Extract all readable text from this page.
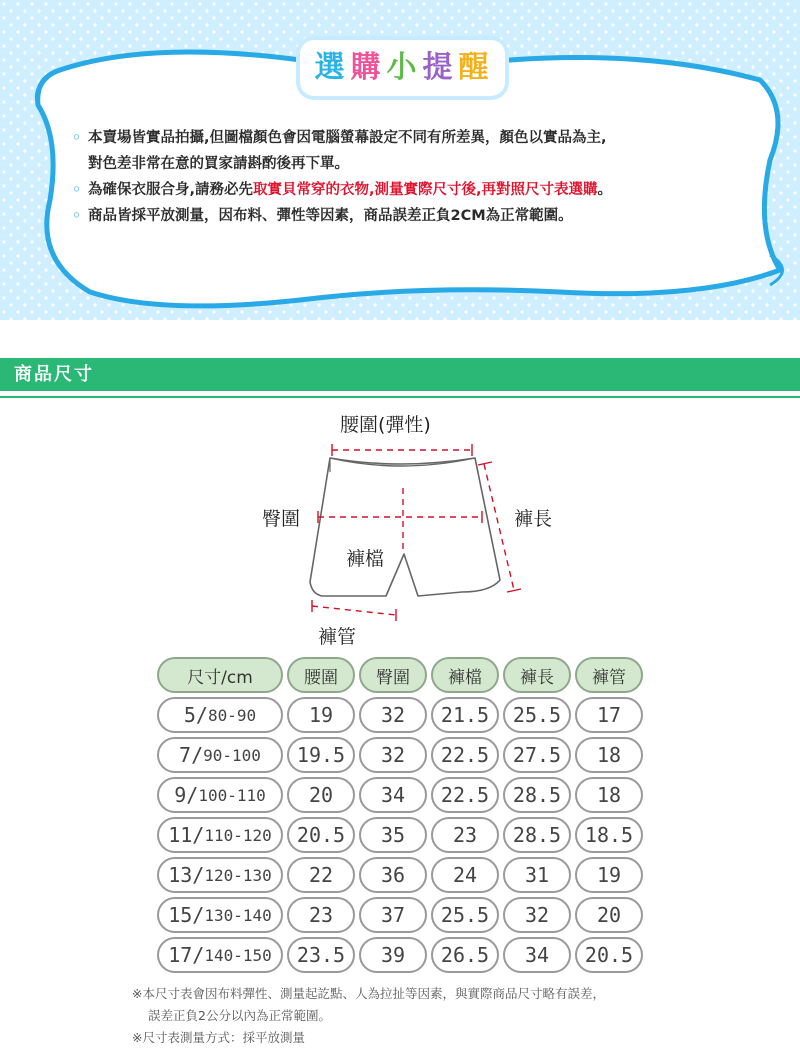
選 購 小 提 醒
◦ 本賣場皆實品拍攝,但圖檔顏色會因電腦螢幕設定不同有所差異，顏色以實品為主,
對色差非常在意的買家請斟酌後再下單。
◦ 為確保衣服合身,請務必先 取實貝常穿的衣物,測量實際尺寸後,再對照尺寸表選購 。
◦ 商品皆採平放測量，因布料、彈性等因素，商品誤差正負2CM為正常範圍。
商品尺寸
腰圍(彈性)
臀圍	褲長
褲檔
褲管
尺寸/cm	腰圍	臀圍	褲檔	褲長	褲管
5/ 80-90	19	32	21.5	25.5	17
7/ 90-100	19.5	32	22.5	27.5	18
9/ 100-110	20	34	22.5	28.5	18
11/ 110-120	20.5	35	23	28.5	18.5
13/ 120-130	22	36	24	31	19
15/ 130-140	23	37	25.5	32	20
17/ 140-150	23.5	39	26.5	34	20.5
※本尺寸表會因布料彈性、測量起訖點、人為拉扯等因素，與實際商品尺寸略有誤差，
誤差正負2公分以內為正常範圍。
※尺寸表測量方式：採平放測量
